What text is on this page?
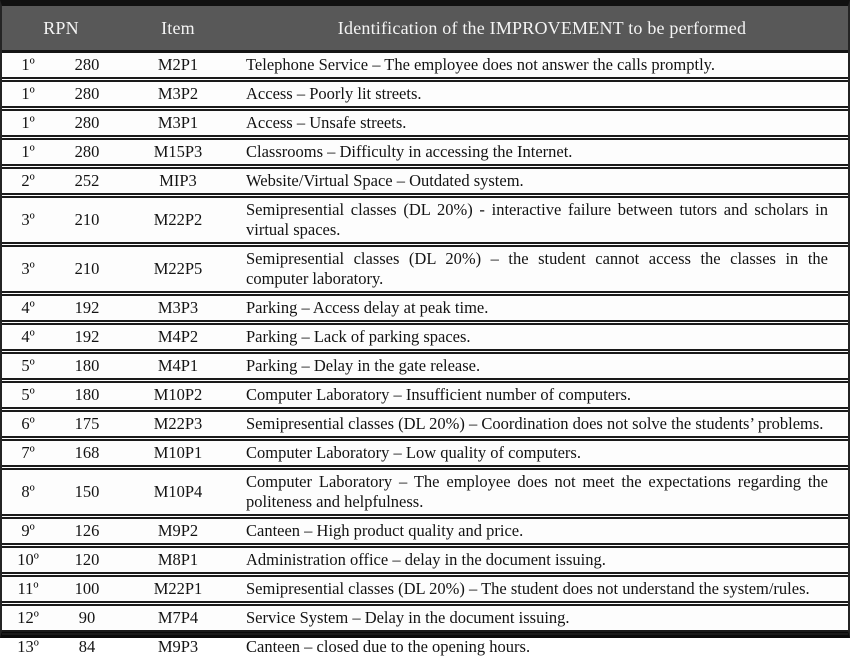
RPN		Item	Identification of the IMPROVEMENT to be performed
1º	280	M2P1	Telephone Service – The employee does not answer the calls promptly.
1º	280	M3P2	Access – Poorly lit streets.
1º	280	M3P1	Access – Unsafe streets.
1º	280	M15P3	Classrooms – Difficulty in accessing the Internet.
2º	252	MIP3	Website/Virtual Space – Outdated system.
3º	210	M22P2	Semipresential classes (DL 20%) - interactive failure between tutors and scholars in virtual spaces.
3º	210	M22P5	Semipresential classes (DL 20%) – the student cannot access the classes in the computer laboratory.
4º	192	M3P3	Parking – Access delay at peak time.
4º	192	M4P2	Parking – Lack of parking spaces.
5º	180	M4P1	Parking – Delay in the gate release.
5º	180	M10P2	Computer Laboratory – Insufficient number of computers.
6º	175	M22P3	Semipresential classes (DL 20%) – Coordination does not solve the students’ problems.
7º	168	M10P1	Computer Laboratory – Low quality of computers.
8º	150	M10P4	Computer Laboratory – The employee does not meet the expectations regarding the politeness and helpfulness.
9º	126	M9P2	Canteen – High product quality and price.
10º	120	M8P1	Administration office – delay in the document issuing.
11º	100	M22P1	Semipresential classes (DL 20%) – The student does not understand the system/rules.
12º	90	M7P4	Service System – Delay in the document issuing.
13º	84	M9P3	Canteen – closed due to the opening hours.
